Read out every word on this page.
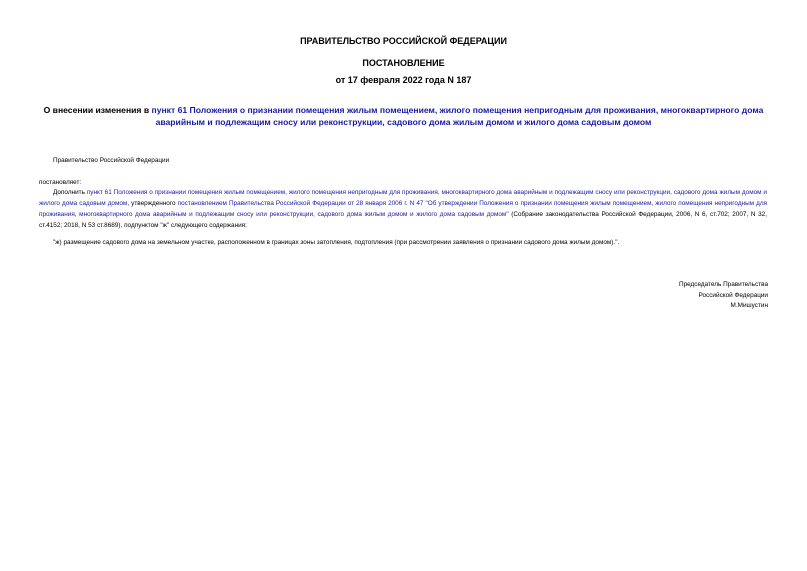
ПРАВИТЕЛЬСТВО РОССИЙСКОЙ ФЕДЕРАЦИИ
ПОСТАНОВЛЕНИЕ
от 17 февраля 2022 года N 187
О внесении изменения в пункт 61 Положения о признании помещения жилым помещением, жилого помещения непригодным для проживания, многоквартирного дома аварийным и подлежащим сносу или реконструкции, садового дома жилым домом и жилого дома садовым домом
Правительство Российской Федерации
постановляет:
Дополнить пункт 61 Положения о признании помещения жилым помещением, жилого помещения непригодным для проживания, многоквартирного дома аварийным и подлежащим сносу или реконструкции, садового дома жилым домом и жилого дома садовым домом, утвержденного постановлением Правительства Российской Федерации от 28 января 2006 г. N 47 "Об утверждении Положения о признании помещения жилым помещением, жилого помещения непригодным для проживания, многоквартирного дома аварийным и подлежащим сносу или реконструкции, садового дома жилым домом и жилого дома садовым домом" (Собрание законодательства Российской Федерации, 2006, N 6, ст.702; 2007, N 32, ст.4152; 2018, N 53 ст.8689), подпунктом "ж" следующего содержания:
"ж) размещение садового дома на земельном участке, расположенном в границах зоны затопления, подтопления (при рассмотрении заявления о признании садового дома жилым домом).".
Председатель Правительства
Российской Федерации
М.Мишустин
